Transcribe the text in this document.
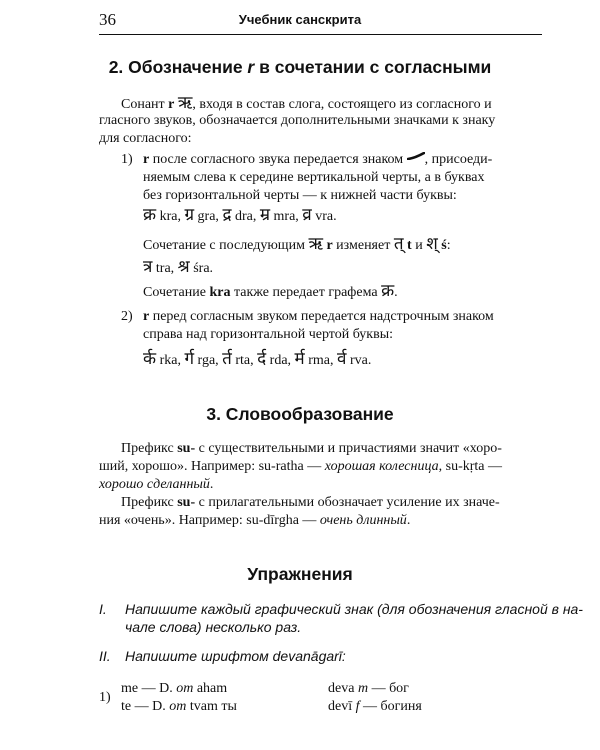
36	Учебник санскрита
2. Обозначение r в сочетании с согласными
Сонант r ऋ, входя в состав слога, состоящего из согласного и
гласного звуков, обозначается дополнительными значками к знаку
для согласного:
1) r после согласного звука передается знаком , присоеди-
няемым слева к середине вертикальной черты, а в буквах
без горизонтальной черты — к нижней части буквы:
क्र kra, ग्र gra, द्र dra, म्र mra, व्र vra.
Сочетание с последующим ऋ r изменяет त् t и श् ś:
त्र tra, श्र śra.
Сочетание kra также передает графема क्र.
2) r перед согласным звуком передается надстрочным знаком
справа над горизонтальной чертой буквы:
र्क rka, र्ग rga, र्त rta, र्द rda, र्म rma, र्व rva.
3. Словообразование
Префикс su- с существительными и причастиями значит «хоро-
ший, хорошо». Например: su-ratha — хорошая колесница, su-kṛta —
хорошо сделанный.
Префикс su- с прилагательными обозначает усиление их значе-
ния «очень». Например: su-dīrgha — очень длинный.
Упражнения
I. Напишите каждый графический знак (для обозначения гласной в на-
чале слова) несколько раз.
II. Напишите шрифтом devanāgarī:
1)
me — D. от aham
te — D. от tvam ты
deva m — бог
devī f — богиня
